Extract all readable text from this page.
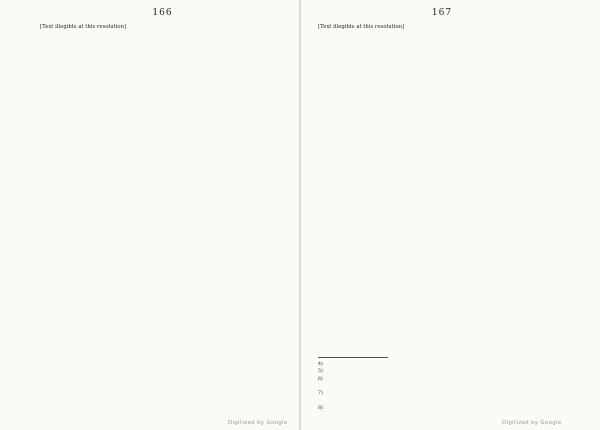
166
[Text illegible at this resolution]
167
[Text illegible at this resolution]
4)
5)
6)
7)
8)
Digitized by Google	Digitized by Google
